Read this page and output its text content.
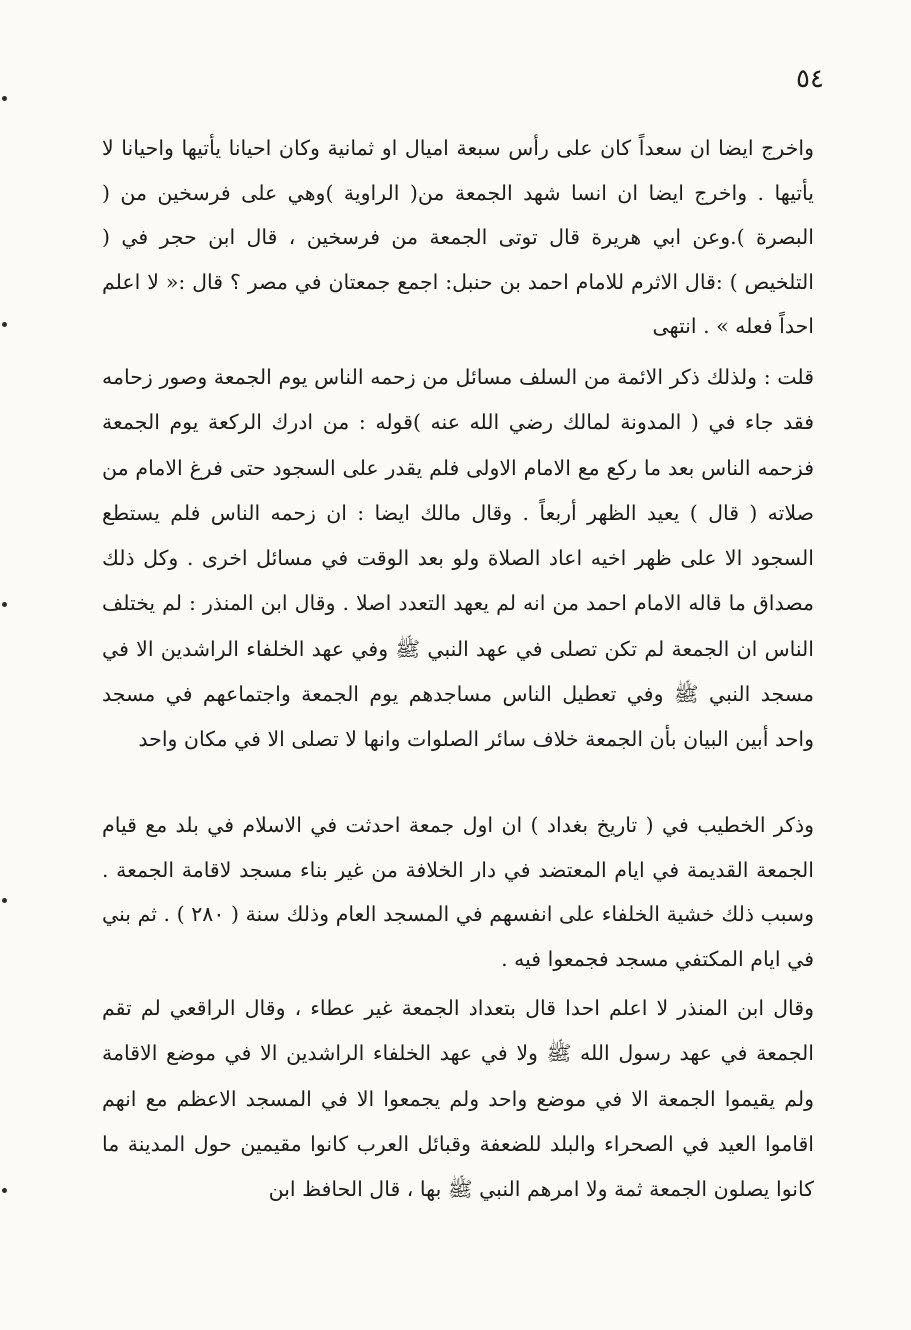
٥٤

واخرج ايضا ان سعداً كان على رأس سبعة اميال او ثمانية وكان احيانا يأتيها واحيانا لا يأتيها . واخرج ايضا ان انسا شهد الجمعة من( الراوية )وهي على فرسخين من ( البصرة ).وعن ابي هريرة قال توتى الجمعة من فرسخين ، قال ابن حجر في ( التلخيص ) :قال الاثرم للامام احمد بن حنبل: اجمع جمعتان في مصر ؟ قال :« لا اعلم احداً فعله » . انتهى

قلت : ولذلك ذكر الائمة من السلف مسائل من زحمه الناس يوم الجمعة وصور زحامه فقد جاء في ( المدونة لمالك رضي الله عنه )قوله : من ادرك الركعة يوم الجمعة فزحمه الناس بعد ما ركع مع الامام الاولى فلم يقدر على السجود حتى فرغ الامام من صلاته ( قال ) يعيد الظهر أربعاً . وقال مالك ايضا : ان زحمه الناس فلم يستطع السجود الا على ظهر اخيه اعاد الصلاة ولو بعد الوقت في مسائل اخرى . وكل ذلك مصداق ما قاله الامام احمد من انه لم يعهد التعدد اصلا . وقال ابن المنذر : لم يختلف الناس ان الجمعة لم تكن تصلى في عهد النبي ﷺ وفي عهد الخلفاء الراشدين الا في مسجد النبي ﷺ وفي تعطيل الناس مساجدهم يوم الجمعة واجتماعهم في مسجد واحد أبين البيان بأن الجمعة خلاف سائر الصلوات وانها لا تصلى الا في مكان واحد

وذكر الخطيب في ( تاريخ بغداد ) ان اول جمعة احدثت في الاسلام في بلد مع قيام الجمعة القديمة في ايام المعتضد في دار الخلافة من غير بناء مسجد لاقامة الجمعة . وسبب ذلك خشية الخلفاء على انفسهم في المسجد العام وذلك سنة ( ٢٨٠ ) . ثم بني في ايام المكتفي مسجد فجمعوا فيه .

وقال ابن المنذر لا اعلم احدا قال بتعداد الجمعة غير عطاء ، وقال الراقعي لم تقم الجمعة في عهد رسول الله ﷺ ولا في عهد الخلفاء الراشدين الا في موضع الاقامة ولم يقيموا الجمعة الا في موضع واحد ولم يجمعوا الا في المسجد الاعظم مع انهم اقاموا العيد في الصحراء والبلد للضعفة وقبائل العرب كانوا مقيمين حول المدينة ما كانوا يصلون الجمعة ثمة ولا امرهم النبي ﷺ بها ، قال الحافظ ابن
